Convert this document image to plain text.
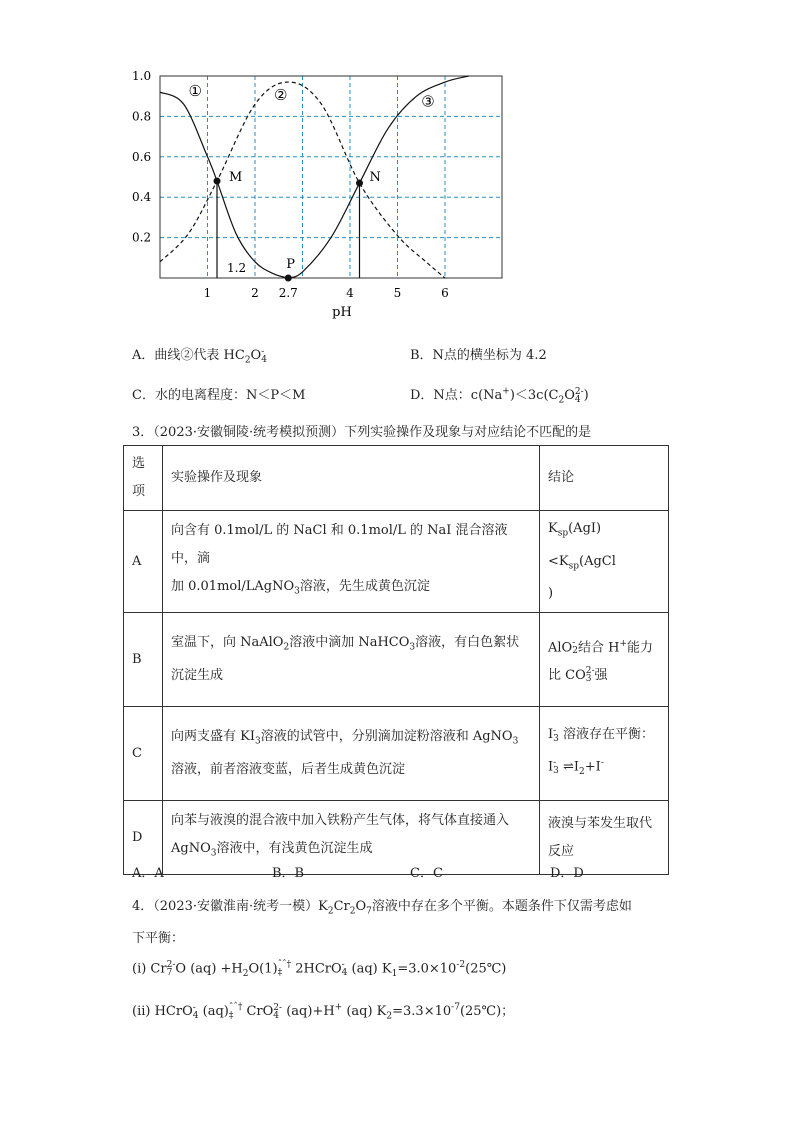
1.0
0.8
0.6
0.4
0.2
1	2	4	5	6
2.7
①	②	③
M	N
P
1.2
pH
A．曲线②代表 $HC_2O-$
4	B．N点的横坐标为 4.2
C．水的电离程度：N＜P＜M	D．N点：$c(Na^+)<3c(C_2O2-$
4 )
3．（2023·安徽铜陵·统考模拟预测）下列实验操作及现象与对应结论不匹配的是
选
项	实验操作及现象	结论
A	向含有 0.1mol/L 的 NaCl 和 0.1mol/L 的 NaI 混合溶液中，滴
加 0.01mol/LAgNO$_3$溶液，先生成黄色沉淀	$K_{sp}(AgI)<K_{sp}(AgCl$
)
B	室温下，向 NaAlO$_2$溶液中滴加 NaHCO$_3$溶液，有白色絮状
沉淀生成	AlO-
2结合 H+能力
比 CO2-
3 强
C	向两支盛有 $KI_3$溶液的试管中，分别滴加淀粉溶液和 AgNO$_3$
溶液，前者溶液变蓝，后者生成黄色沉淀	I-
3 溶液存在平衡：
I-
3 $\rightleftharpoons I_2+I^-$
D	向苯与液溴的混合液中加入铁粉产生气体，将气体直接通入
AgNO$_3$溶液中，有浅黄色沉淀生成	液溴与苯发生取代
反应
A．A	B．B	C．C	D．D
4．（2023·安徽淮南·统考一模）$K_2Cr_2O_7$溶液中存在多个平衡。本题条件下仅需考虑如
下平衡：
(i) Cr2-
7 O $(aq) +H_2O(1)ˆ$
‡$^{ˆ\dagger}$ 2HCrO-
4 (aq) $K_1=3.0\times 10^{-2}(25℃)$
(ii) HCrO-
4 (aq)ˆ
‡$^{ˆ\dagger}$ CrO2-
4 (aq)+H+ (aq) $K_2=3.3\times 10^{-7}(25℃)$；
